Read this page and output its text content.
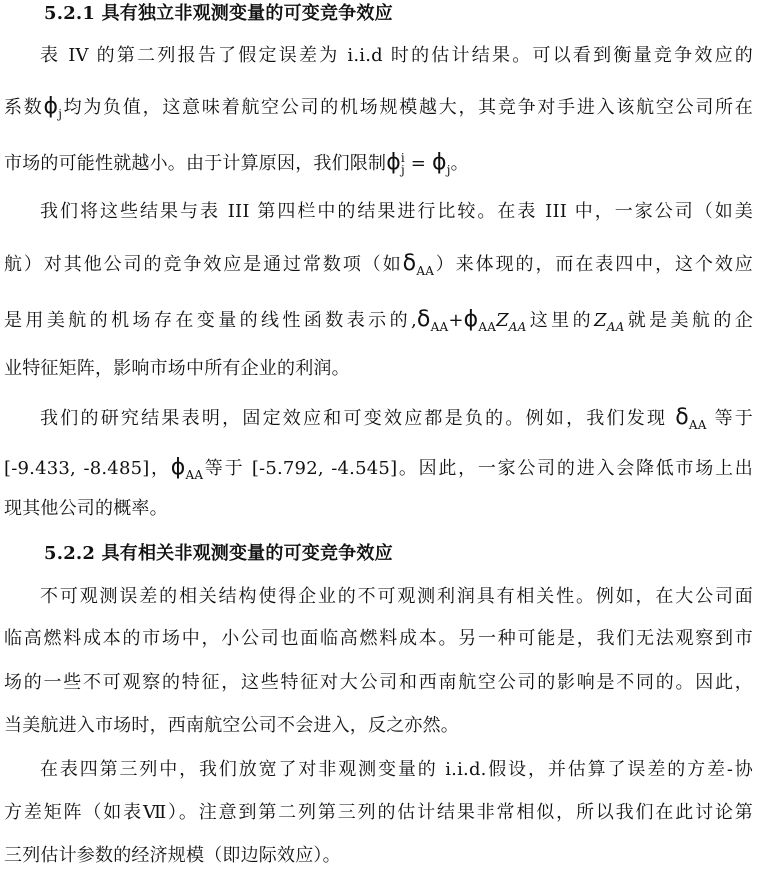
5.2.1 具有独立非观测变量的可变竞争效应
表 IV 的第二列报告了假定误差为 i.i.d 时的估计结果。可以看到衡量竞争效应的
系数$\phi_j$均为负值，这意味着航空公司的机场规模越大，其竞争对手进入该航空公司所在
市场的可能性就越小。由于计算原因，我们限制$\phi^i_j = \phi_j$。
我们将这些结果与表 III 第四栏中的结果进行比较。在表 III 中，一家公司（如美
航）对其他公司的竞争效应是通过常数项（如$\delta_{AA}$）来体现的，而在表四中，这个效应
是用美航的机场存在变量的线性函数表示的$,\delta_{AA}+\phi_{AA}Z_{AA}$这里的$Z_{AA}$就是美航的企
业特征矩阵，影响市场中所有企业的利润。
我们的研究结果表明，固定效应和可变效应都是负的。例如，我们发现 $\delta_{AA}$ 等于
[-9.433, -8.485]，$\phi_{AA}$等于 [-5.792, -4.545]。因此，一家公司的进入会降低市场上出
现其他公司的概率。
5.2.2 具有相关非观测变量的可变竞争效应
不可观测误差的相关结构使得企业的不可观测利润具有相关性。例如，在大公司面
临高燃料成本的市场中，小公司也面临高燃料成本。另一种可能是，我们无法观察到市
场的一些不可观察的特征，这些特征对大公司和西南航空公司的影响是不同的。因此，
当美航进入市场时，西南航空公司不会进入，反之亦然。
在表四第三列中，我们放宽了对非观测变量的 i.i.d.假设，并估算了误差的方差-协
方差矩阵（如表Ⅶ）。注意到第二列第三列的估计结果非常相似，所以我们在此讨论第
三列估计参数的经济规模（即边际效应）。
